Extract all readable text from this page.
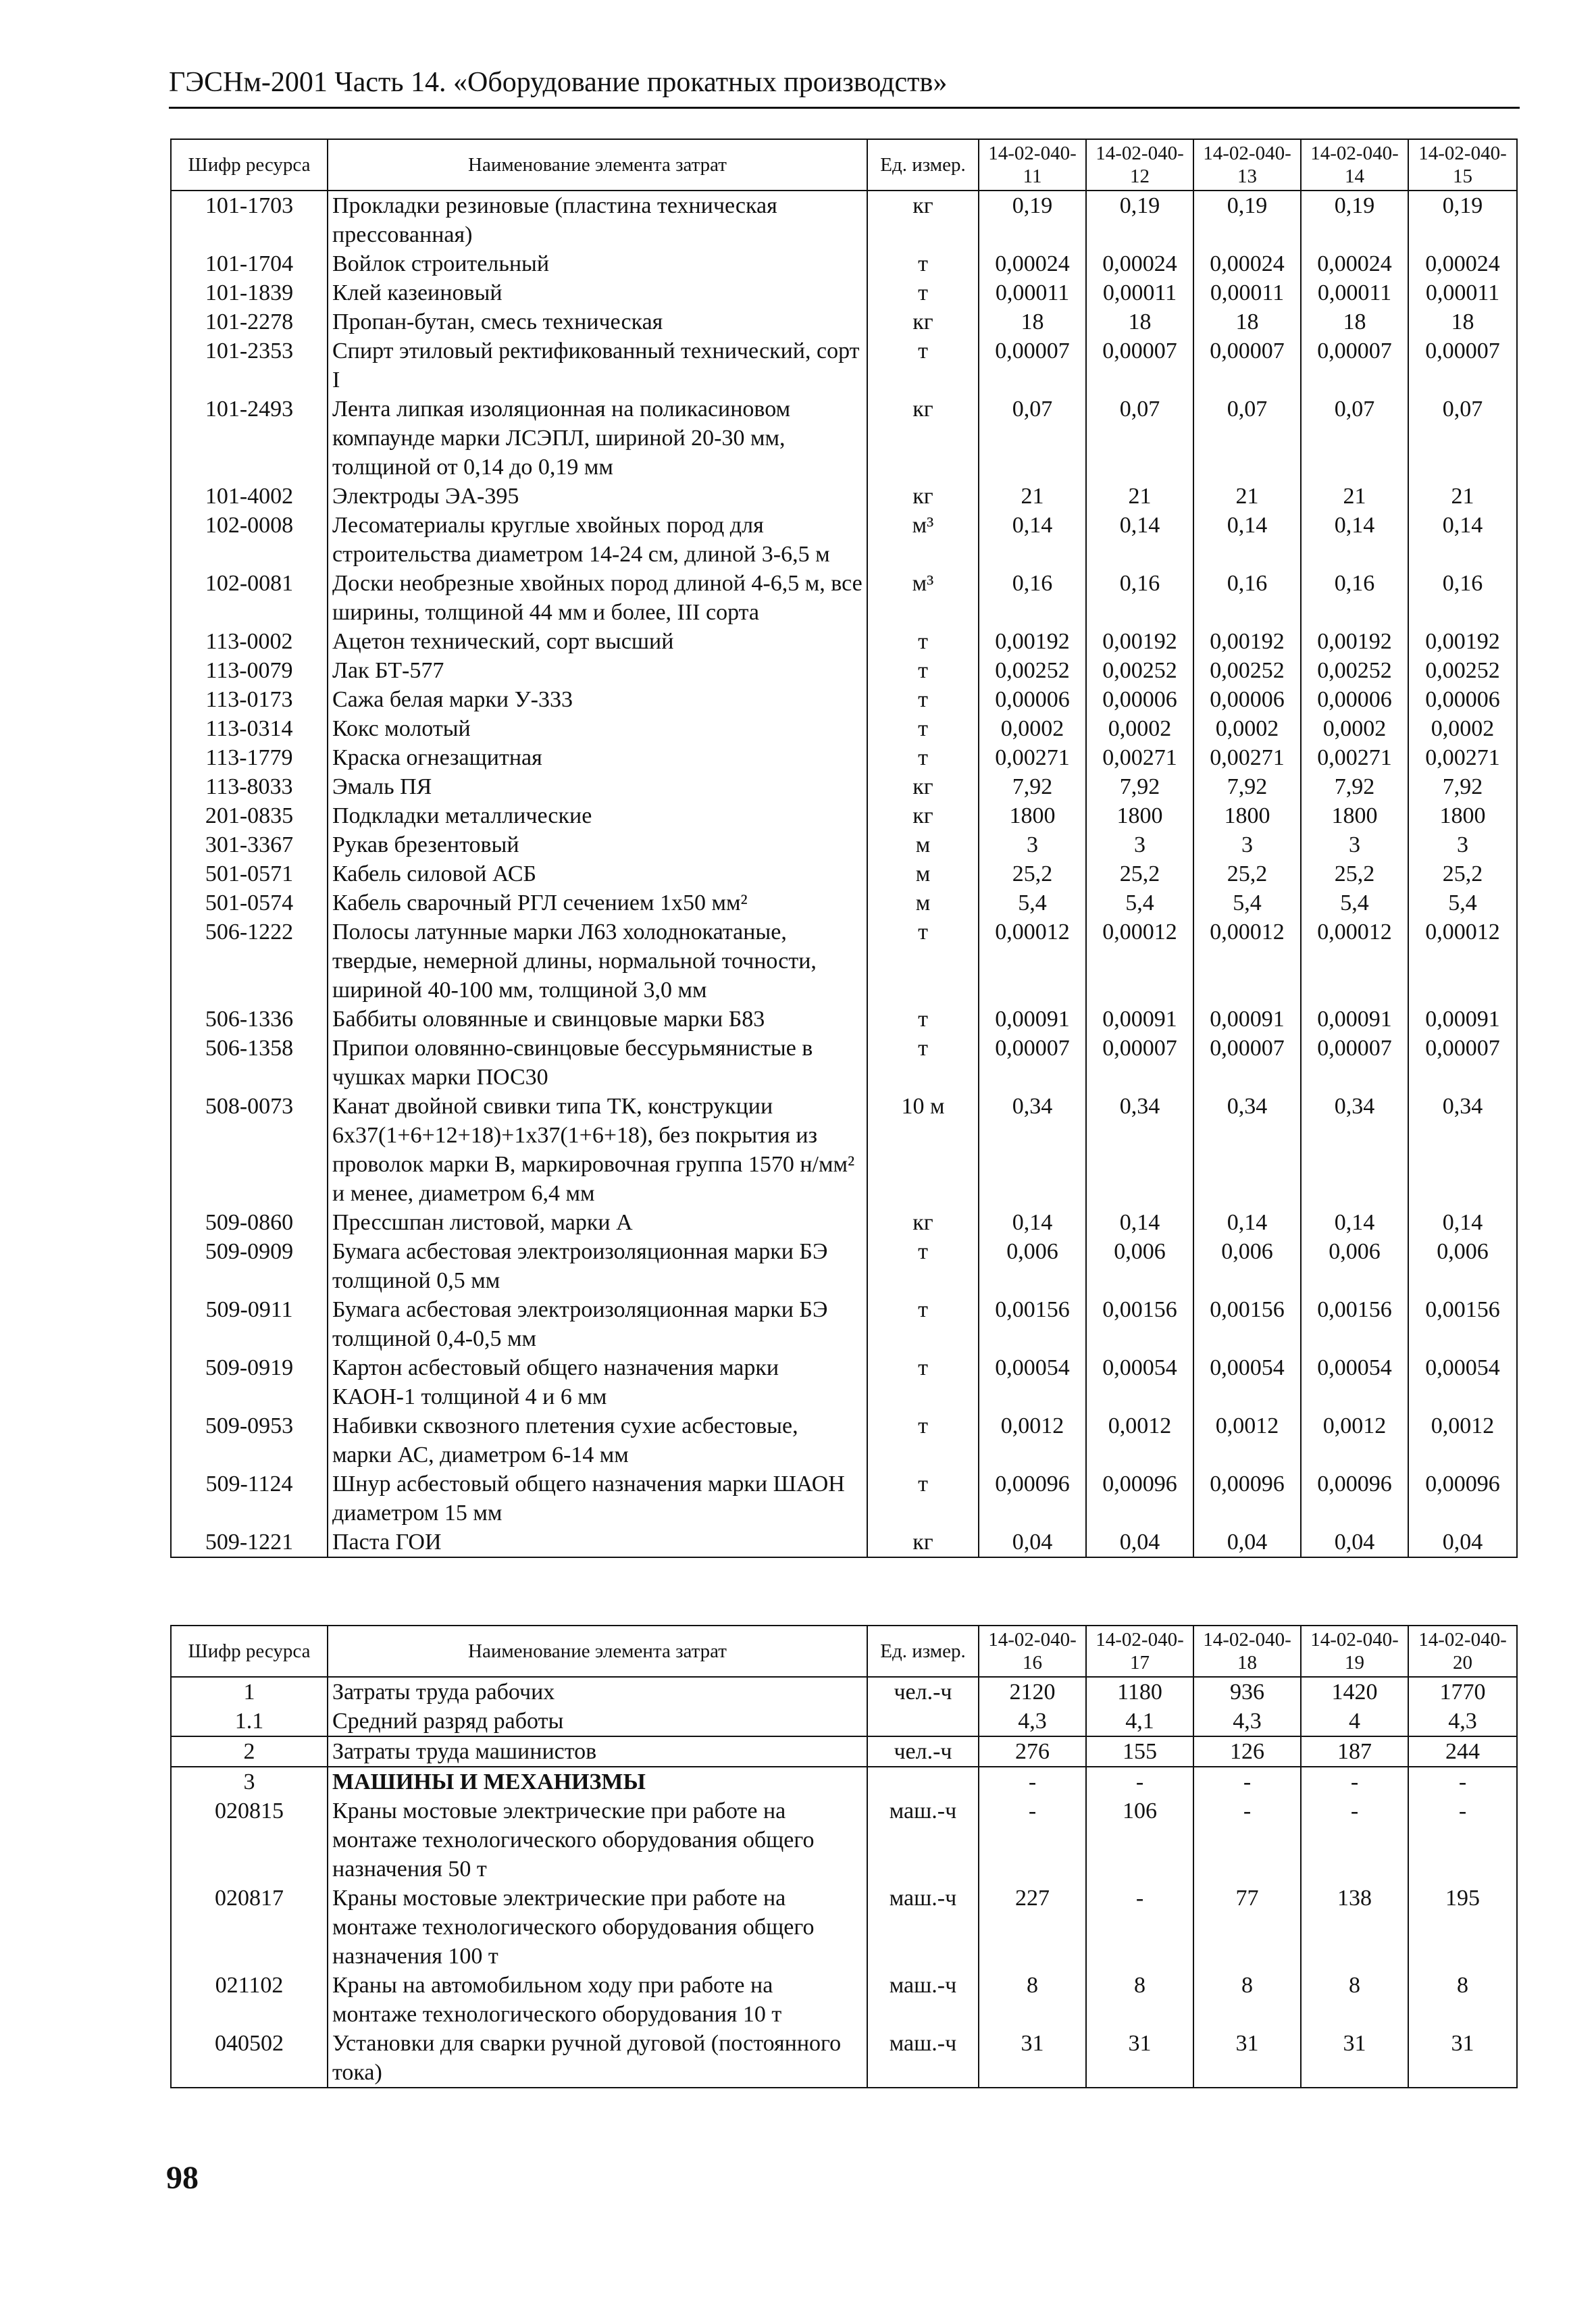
ГЭСНм-2001 Часть 14. «Оборудование прокатных производств»
Шифр ресурса	Наименование элемента затрат	Ед. измер.	14-02-040-11	14-02-040-12	14-02-040-13	14-02-040-14	14-02-040-15
101-1703	Прокладки резиновые (пластина техническая прессованная)	кг	0,19	0,19	0,19	0,19	0,19
101-1704	Войлок строительный	т	0,00024	0,00024	0,00024	0,00024	0,00024
101-1839	Клей казеиновый	т	0,00011	0,00011	0,00011	0,00011	0,00011
101-2278	Пропан-бутан, смесь техническая	кг	18	18	18	18	18
101-2353	Спирт этиловый ректификованный технический, сорт I	т	0,00007	0,00007	0,00007	0,00007	0,00007
101-2493	Лента липкая изоляционная на поликасиновом компаунде марки ЛСЭПЛ, шириной 20-30 мм, толщиной от 0,14 до 0,19 мм	кг	0,07	0,07	0,07	0,07	0,07
101-4002	Электроды ЭА-395	кг	21	21	21	21	21
102-0008	Лесоматериалы круглые хвойных пород для строительства диаметром 14-24 см, длиной 3-6,5 м	м³	0,14	0,14	0,14	0,14	0,14
102-0081	Доски необрезные хвойных пород длиной 4-6,5 м, все ширины, толщиной 44 мм и более, III сорта	м³	0,16	0,16	0,16	0,16	0,16
113-0002	Ацетон технический, сорт высший	т	0,00192	0,00192	0,00192	0,00192	0,00192
113-0079	Лак БТ-577	т	0,00252	0,00252	0,00252	0,00252	0,00252
113-0173	Сажа белая марки У-333	т	0,00006	0,00006	0,00006	0,00006	0,00006
113-0314	Кокс молотый	т	0,0002	0,0002	0,0002	0,0002	0,0002
113-1779	Краска огнезащитная	т	0,00271	0,00271	0,00271	0,00271	0,00271
113-8033	Эмаль ПЯ	кг	7,92	7,92	7,92	7,92	7,92
201-0835	Подкладки металлические	кг	1800	1800	1800	1800	1800
301-3367	Рукав брезентовый	м	3	3	3	3	3
501-0571	Кабель силовой АСБ	м	25,2	25,2	25,2	25,2	25,2
501-0574	Кабель сварочный РГЛ сечением 1х50 мм²	м	5,4	5,4	5,4	5,4	5,4
506-1222	Полосы латунные марки Л63 холоднокатаные, твердые, немерной длины, нормальной точности, шириной 40-100 мм, толщиной 3,0 мм	т	0,00012	0,00012	0,00012	0,00012	0,00012
506-1336	Баббиты оловянные и свинцовые марки Б83	т	0,00091	0,00091	0,00091	0,00091	0,00091
506-1358	Припои оловянно-свинцовые бессурьмянистые в чушках марки ПОС30	т	0,00007	0,00007	0,00007	0,00007	0,00007
508-0073	Канат двойной свивки типа ТК, конструкции 6х37(1+6+12+18)+1х37(1+6+18), без покрытия из проволок марки В, маркировочная группа 1570 н/мм² и менее, диаметром 6,4 мм	10 м	0,34	0,34	0,34	0,34	0,34
509-0860	Прессшпан листовой, марки А	кг	0,14	0,14	0,14	0,14	0,14
509-0909	Бумага асбестовая электроизоляционная марки БЭ толщиной 0,5 мм	т	0,006	0,006	0,006	0,006	0,006
509-0911	Бумага асбестовая электроизоляционная марки БЭ толщиной 0,4-0,5 мм	т	0,00156	0,00156	0,00156	0,00156	0,00156
509-0919	Картон асбестовый общего назначения марки КАОН-1 толщиной 4 и 6 мм	т	0,00054	0,00054	0,00054	0,00054	0,00054
509-0953	Набивки сквозного плетения сухие асбестовые, марки АС, диаметром 6-14 мм	т	0,0012	0,0012	0,0012	0,0012	0,0012
509-1124	Шнур асбестовый общего назначения марки ШАОН диаметром 15 мм	т	0,00096	0,00096	0,00096	0,00096	0,00096
509-1221	Паста ГОИ	кг	0,04	0,04	0,04	0,04	0,04
Шифр ресурса	Наименование элемента затрат	Ед. измер.	14-02-040-16	14-02-040-17	14-02-040-18	14-02-040-19	14-02-040-20
1	Затраты труда рабочих	чел.-ч	2120	1180	936	1420	1770
1.1	Средний разряд работы		4,3	4,1	4,3	4	4,3
2	Затраты труда машинистов	чел.-ч	276	155	126	187	244
3	МАШИНЫ И МЕХАНИЗМЫ		-	-	-	-	-
020815	Краны мостовые электрические при работе на монтаже технологического оборудования общего назначения 50 т	маш.-ч	-	106	-	-	-
020817	Краны мостовые электрические при работе на монтаже технологического оборудования общего назначения 100 т	маш.-ч	227	-	77	138	195
021102	Краны на автомобильном ходу при работе на монтаже технологического оборудования 10 т	маш.-ч	8	8	8	8	8
040502	Установки для сварки ручной дуговой (постоянного тока)	маш.-ч	31	31	31	31	31
98
